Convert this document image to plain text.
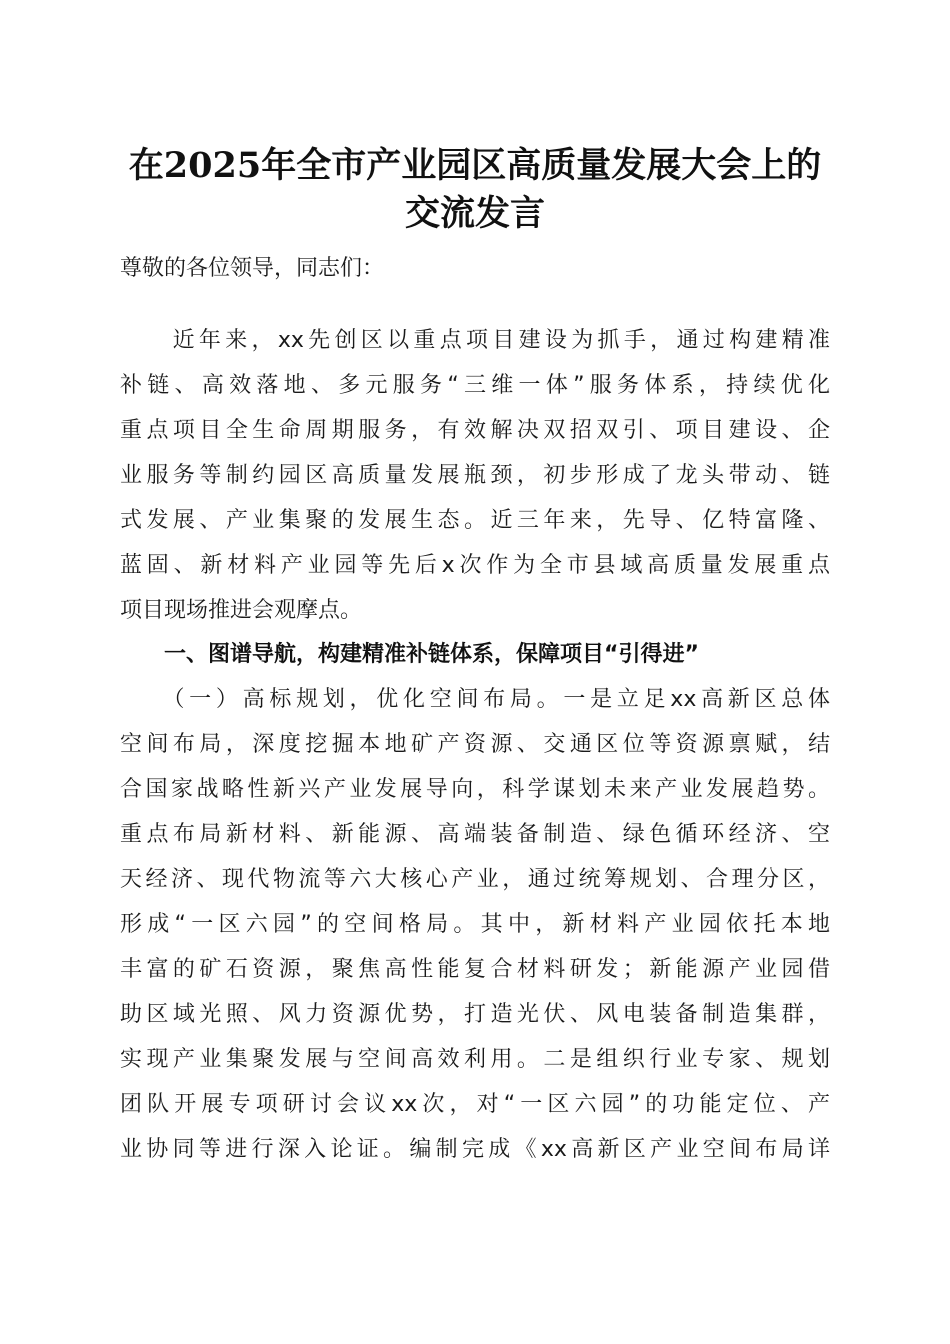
在2025年全市产业园区高质量发展大会上的
交流发言
尊敬的各位领导，同志们：
　　近年来，xx先创区以重点项目建设为抓手，通过构建精准
补链、高效落地、多元服务“三维一体”服务体系，持续优化
重点项目全生命周期服务，有效解决双招双引、项目建设、企
业服务等制约园区高质量发展瓶颈，初步形成了龙头带动、链
式发展、产业集聚的发展生态。近三年来，先导、亿特富隆、
蓝固、新材料产业园等先后x次作为全市县域高质量发展重点
项目现场推进会观摩点。
　　一、图谱导航，构建精准补链体系，保障项目“引得进”
　　（一）高标规划，优化空间布局。一是立足xx高新区总体
空间布局，深度挖掘本地矿产资源、交通区位等资源禀赋，结
合国家战略性新兴产业发展导向，科学谋划未来产业发展趋势。
重点布局新材料、新能源、高端装备制造、绿色循环经济、空
天经济、现代物流等六大核心产业，通过统筹规划、合理分区，
形成“一区六园”的空间格局。其中，新材料产业园依托本地
丰富的矿石资源，聚焦高性能复合材料研发；新能源产业园借
助区域光照、风力资源优势，打造光伏、风电装备制造集群，
实现产业集聚发展与空间高效利用。二是组织行业专家、规划
团队开展专项研讨会议xx次，对“一区六园”的功能定位、产
业协同等进行深入论证。编制完成《xx高新区产业空间布局详
